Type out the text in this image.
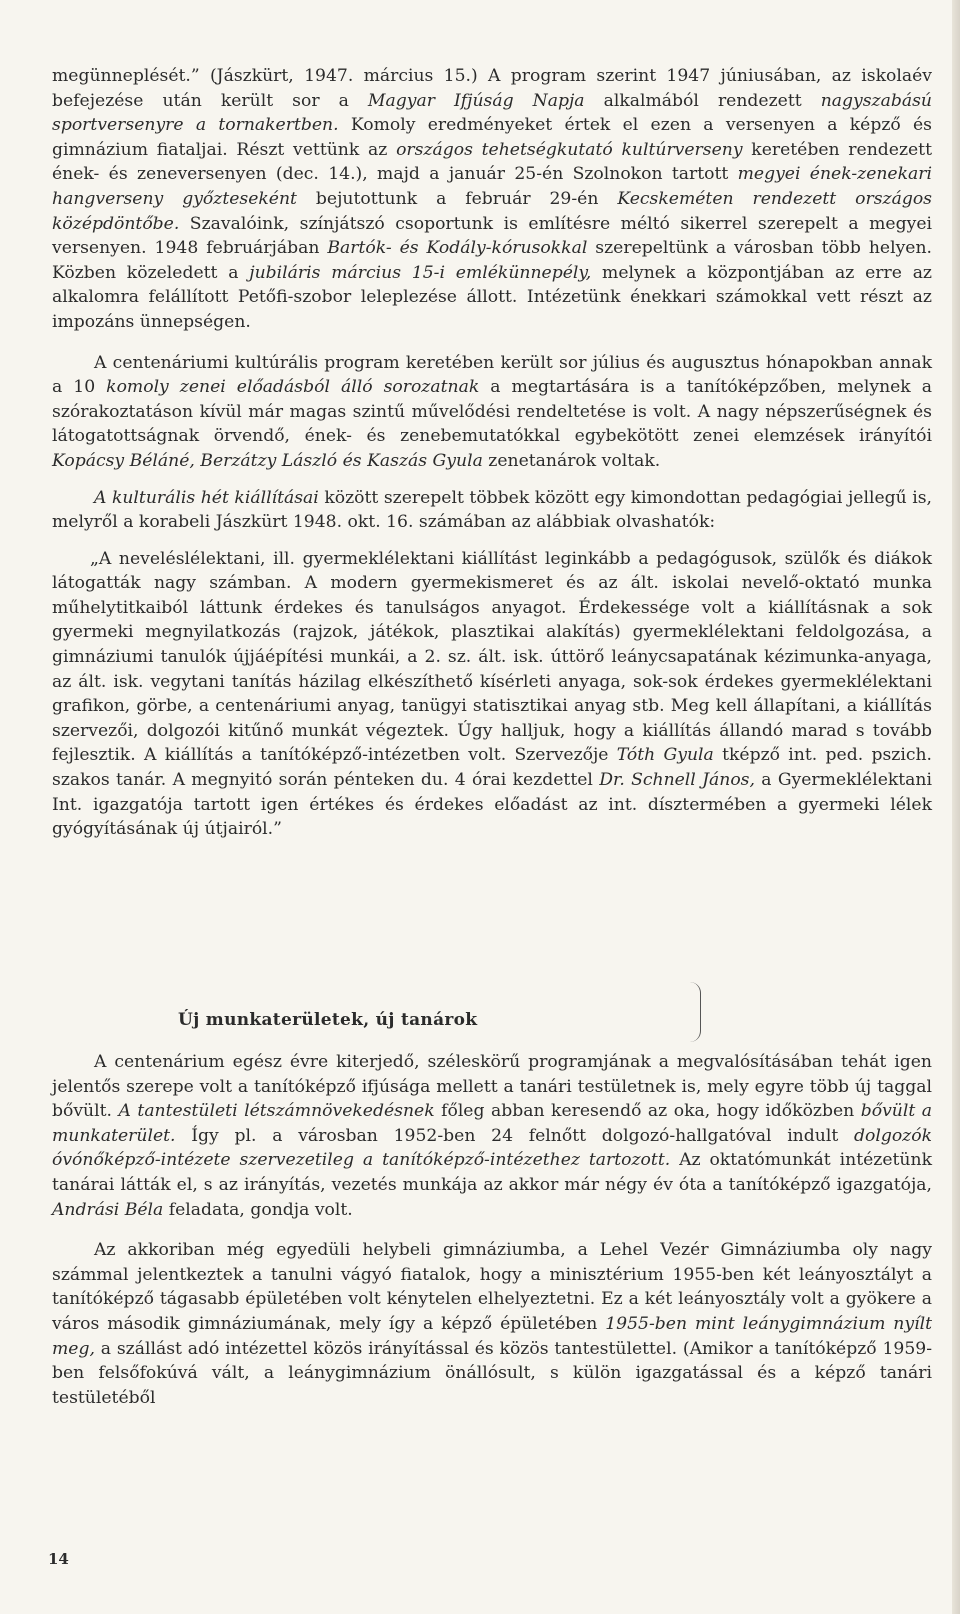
megünneplését.” (Jászkürt, 1947. március 15.) A program szerint 1947 júniusában, az iskolaév befejezése után került sor a Magyar Ifjúság Napja alkalmából rendezett nagyszabású sportversenyre a tornakertben. Komoly eredményeket értek el ezen a versenyen a képző és gimnázium fiataljai. Részt vettünk az országos tehetségkutató kultúrverseny keretében rendezett ének- és zeneversenyen (dec. 14.), majd a január 25-én Szolnokon tartott megyei ének-zenekari hangverseny győzteseként bejutottunk a február 29-én Kecskeméten rendezett országos középdöntőbe. Szavalóink, színjátszó csoportunk is említésre méltó sikerrel szerepelt a megyei versenyen. 1948 februárjában Bartók- és Kodály-kórusokkal szerepeltünk a városban több helyen. Közben közeledett a jubiláris március 15-i emlékünnepély, melynek a központjában az erre az alkalomra felállított Petőfi-szobor leleplezése állott. Intézetünk énekkari számokkal vett részt az impozáns ünnepségen.

A centenáriumi kultúrális program keretében került sor július és augusztus hónapokban annak a 10 komoly zenei előadásból álló sorozatnak a megtartására is a tanítóképzőben, melynek a szórakoztatáson kívül már magas szintű művelődési rendeltetése is volt. A nagy népszerűségnek és látogatottságnak örvendő, ének- és zenebemutatókkal egybekötött zenei elemzések irányítói Kopácsy Béláné, Berzátzy László és Kaszás Gyula zenetanárok voltak.

A kulturális hét kiállításai között szerepelt többek között egy kimondottan pedagógiai jellegű is, melyről a korabeli Jászkürt 1948. okt. 16. számában az alábbiak olvashatók:

„A neveléslélektani, ill. gyermeklélektani kiállítást leginkább a pedagógusok, szülők és diákok látogatták nagy számban. A modern gyermekismeret és az ált. iskolai nevelő-oktató munka műhelytitkaiból láttunk érdekes és tanulságos anyagot. Érdekessége volt a kiállításnak a sok gyermeki megnyilatkozás (rajzok, játékok, plasztikai alakítás) gyermeklélektani feldolgozása, a gimnáziumi tanulók újjáépítési munkái, a 2. sz. ált. isk. úttörő leánycsapatának kézimunka-anyaga, az ált. isk. vegytani tanítás házilag elkészíthető kísérleti anyaga, sok-sok érdekes gyermeklélektani grafikon, görbe, a centenáriumi anyag, tanügyi statisztikai anyag stb. Meg kell állapítani, a kiállítás szervezői, dolgozói kitűnő munkát végeztek. Úgy halljuk, hogy a kiállítás állandó marad s tovább fejlesztik. A kiállítás a tanítóképző-intézetben volt. Szervezője Tóth Gyula tképző int. ped. pszich. szakos tanár. A megnyitó során pénteken du. 4 órai kezdettel Dr. Schnell János, a Gyermeklélektani Int. igazgatója tartott igen értékes és érdekes előadást az int. dísztermében a gyermeki lélek gyógyításának új útjairól.”

Új munkaterületek, új tanárok

A centenárium egész évre kiterjedő, széleskörű programjának a megvalósításában tehát igen jelentős szerepe volt a tanítóképző ifjúsága mellett a tanári testületnek is, mely egyre több új taggal bővült. A tantestületi létszámnövekedésnek főleg abban keresendő az oka, hogy időközben bővült a munkaterület. Így pl. a városban 1952-ben 24 felnőtt dolgozó-hallgatóval indult dolgozók óvónőképző-intézete szervezetileg a tanítóképző-intézethez tartozott. Az oktatómunkát intézetünk tanárai látták el, s az irányítás, vezetés munkája az akkor már négy év óta a tanítóképző igazgatója, Andrási Béla feladata, gondja volt.

Az akkoriban még egyedüli helybeli gimnáziumba, a Lehel Vezér Gimnáziumba oly nagy számmal jelentkeztek a tanulni vágyó fiatalok, hogy a minisztérium 1955-ben két leányosztályt a tanítóképző tágasabb épületében volt kénytelen elhelyeztetni. Ez a két leányosztály volt a gyökere a város második gimnáziumának, mely így a képző épületében 1955-ben mint leánygimnázium nyílt meg, a szállást adó intézettel közös irányítással és közös tantestülettel. (Amikor a tanítóképző 1959-ben felsőfokúvá vált, a leánygimnázium önállósult, s külön igazgatással és a képző tanári testületéből

14
